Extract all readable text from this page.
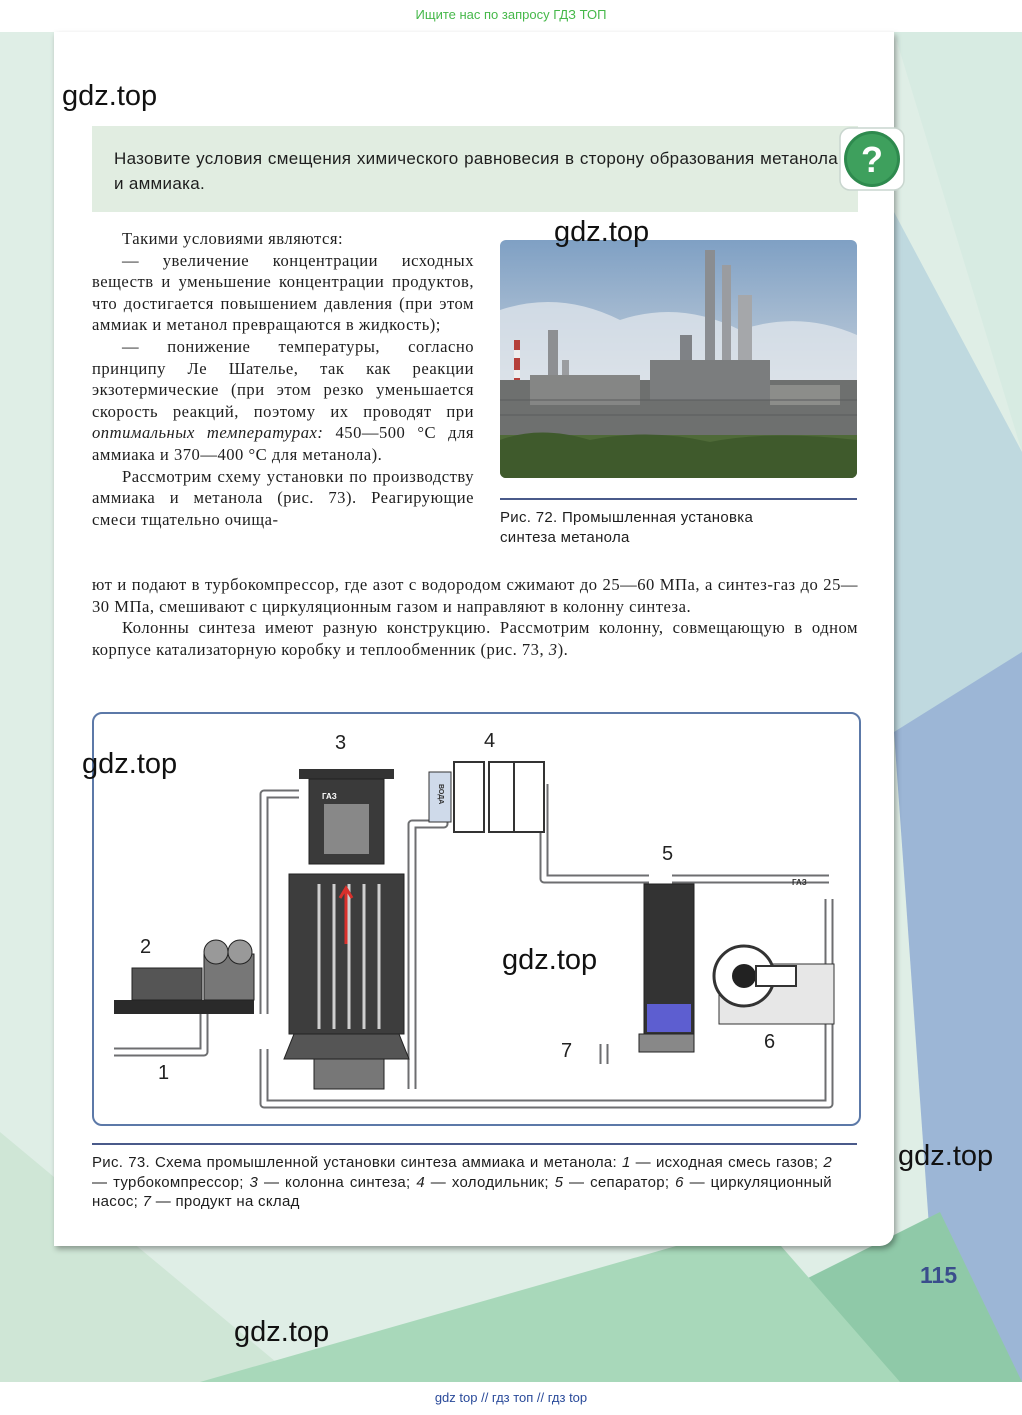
Ищите нас по запросу ГДЗ ТОП
Назовите условия смещения химического равновесия в сторону образования метанола и аммиака.
?

Такими условиями являются:

— увеличение концентрации исходных веществ и уменьшение концентрации продуктов, что достигается повышением давления (при этом аммиак и метанол превращаются в жидкость);

— понижение температуры, согласно принципу Ле Шателье, так как реакции экзотермические (при этом резко уменьшается скорость реакций, поэтому их проводят при оптимальных температурах: 450—500 °С для аммиака и 370—400 °С для метанола).

Рассмотрим схему установки по производству аммиака и метанола (рис. 73). Реагирующие смеси тщательно очища-

ют и подают в турбокомпрессор, где азот с водородом сжимают до 25—60 МПа, а синтез-газ до 25—30 МПа, смешивают с циркуляционным газом и направляют в колонну синтеза.

Колонны синтеза имеют разную конструкцию. Рассмотрим колонну, совмещающую в одном корпусе катализаторную коробку и теплообменник (рис. 73, 3).

gdz.top
gdz.top
Рис. 72. Промышленная установка синтеза метанола
ГАЗ
ГАЗ
ВОДА
1
2
3	4
5
6
7
gdz.top
gdz.top
Рис. 73. Схема промышленной установки синтеза аммиака и метанола: 1 — исходная смесь газов; 2 — турбокомпрессор; 3 — колонна синтеза; 4 — холодильник; 5 — сепаратор; 6 — циркуляционный насос; 7 — продукт на склад
gdz.top
gdz.top
115
gdz top // гдз топ // гдз top
